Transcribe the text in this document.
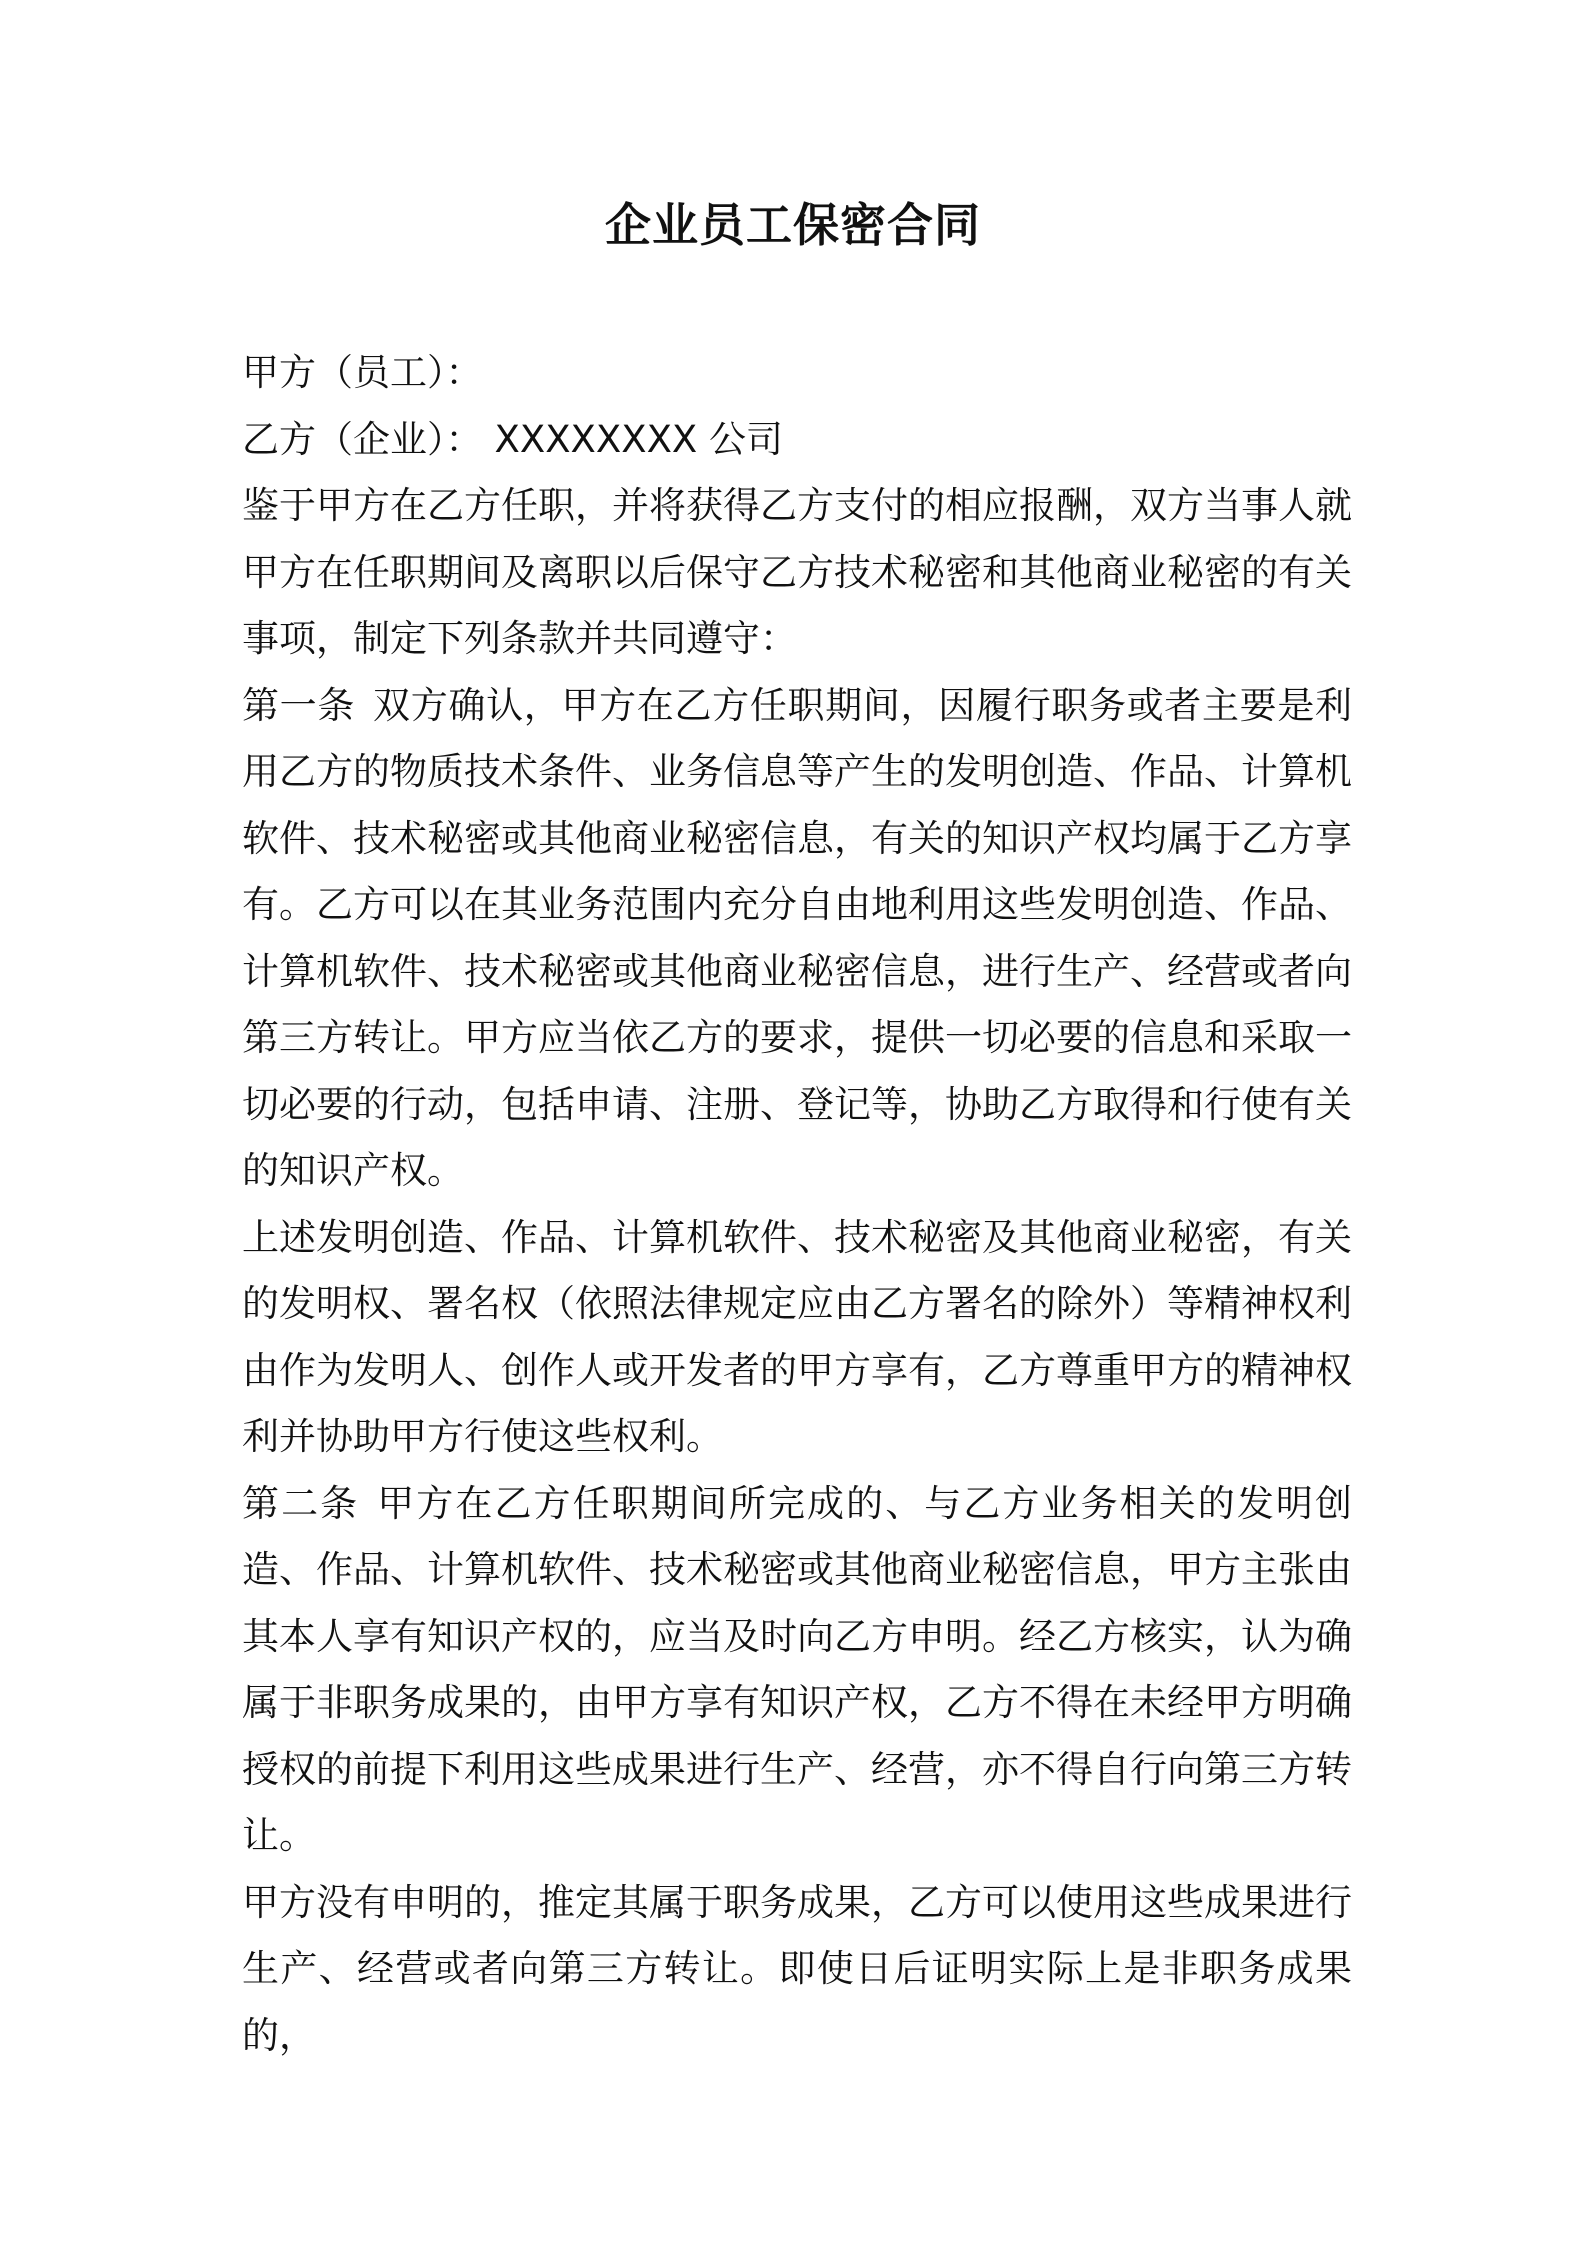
企业员工保密合同

甲方（员工）：

乙方（企业）： XXXXXXXX 公司

鉴于甲方在乙方任职，并将获得乙方支付的相应报酬，双方当事人就甲方在任职期间及离职以后保守乙方技术秘密和其他商业秘密的有关事项，制定下列条款并共同遵守：

第一条 双方确认，甲方在乙方任职期间，因履行职务或者主要是利用乙方的物质技术条件、业务信息等产生的发明创造、作品、计算机软件、技术秘密或其他商业秘密信息，有关的知识产权均属于乙方享有。乙方可以在其业务范围内充分自由地利用这些发明创造、作品、计算机软件、技术秘密或其他商业秘密信息，进行生产、经营或者向第三方转让。甲方应当依乙方的要求，提供一切必要的信息和采取一切必要的行动，包括申请、注册、登记等，协助乙方取得和行使有关的知识产权。

上述发明创造、作品、计算机软件、技术秘密及其他商业秘密，有关的发明权、署名权（依照法律规定应由乙方署名的除外）等精神权利由作为发明人、创作人或开发者的甲方享有，乙方尊重甲方的精神权利并协助甲方行使这些权利。

第二条 甲方在乙方任职期间所完成的、与乙方业务相关的发明创造、作品、计算机软件、技术秘密或其他商业秘密信息，甲方主张由其本人享有知识产权的，应当及时向乙方申明。经乙方核实，认为确属于非职务成果的，由甲方享有知识产权，乙方不得在未经甲方明确授权的前提下利用这些成果进行生产、经营，亦不得自行向第三方转让。

甲方没有申明的，推定其属于职务成果，乙方可以使用这些成果进行生产、经营或者向第三方转让。即使日后证明实际上是非职务成果的，
